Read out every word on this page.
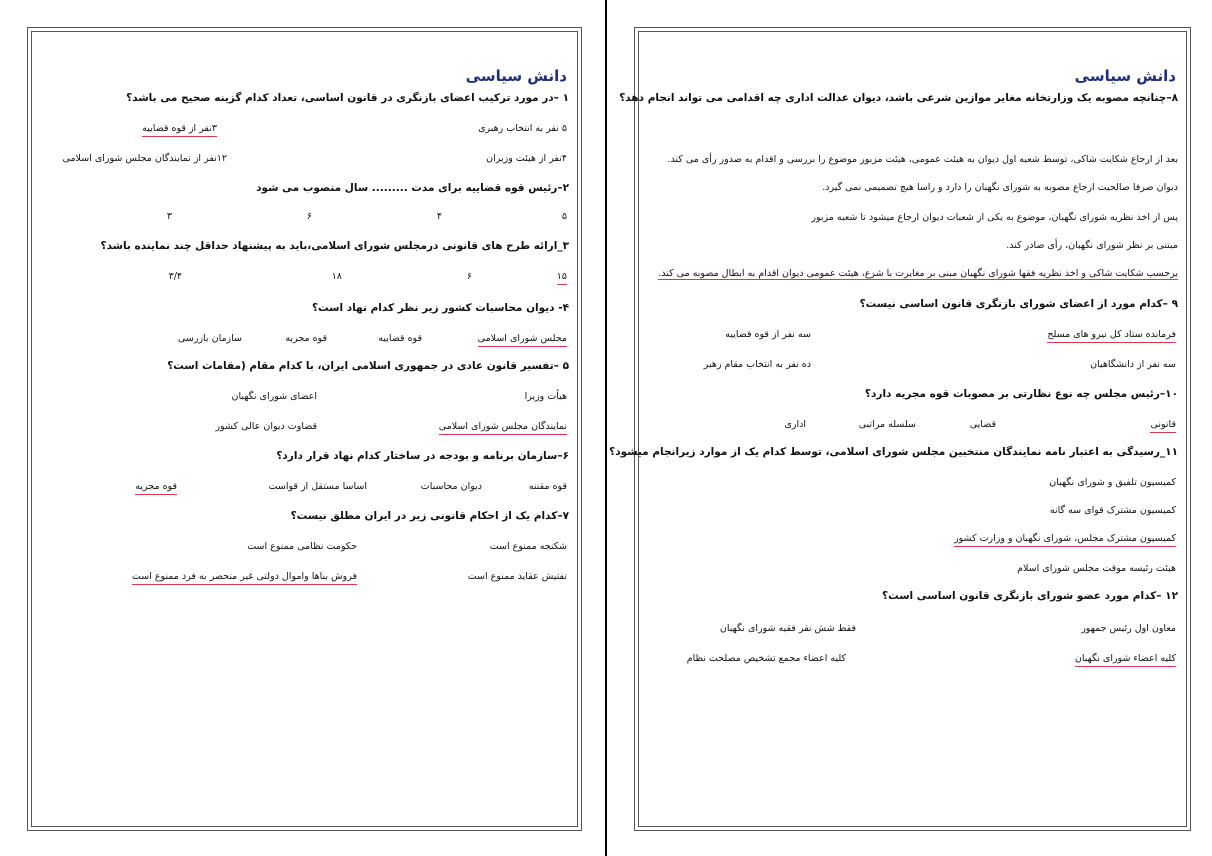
دانش سیاسی
۱ –در مورد ترکیب اعضای بازنگری در قانون اساسی، تعداد کدام گزینه صحیح می باشد؟
۵ نفر به انتخاب رهبری
۳نفر از قوه قضاییه
۴نفر از هیئت وزیران
۱۲نفر از نمایندگان مجلس شورای اسلامی
۲–رئیس قوه قضاییه برای مدت ......... سال منصوب می شود
۵
۴
۶
۳
۳_ارائه طرح های قانونی درمجلس شورای اسلامی،باید به پیشنهاد حداقل چند نماینده باشد؟
۱۵
۶
۱۸
۳/۴
۴- دیوان محاسبات کشور زیر نظر کدام نهاد است؟
مجلس شورای اسلامی
قوه قضاییه
قوه مجریه
سازمان بازرسی
۵ –تفسیر قانون عادی در جمهوری اسلامی ایران، با کدام مقام (مقامات است؟
هیأت وزیرا
اعضای شورای نگهبان
نمایندگان مجلس شورای اسلامی
قضاوت دیوان عالی کشور
۶–سازمان برنامه و بودجه در ساختار کدام نهاد قرار دارد؟
قوه مقننه
دیوان محاسبات
اساسا مستقل از قواست
قوه مجریه
۷–کدام یک از احکام قانونی زیر در ایران مطلق نیست؟
شکنجه ممنوع است
حکومت نظامی ممنوع است
تفتیش عقاید ممنوع است
فروش بناها واموال دولتی غیر منحصر به فرد ممنوع است
دانش سیاسی
۸–چنانچه مصوبه یک وزارتخانه مغایر موازین شرعی باشد، دیوان عدالت اداری چه اقدامی می تواند انجام دهد؟
بعد از ارجاع شکایت شاکی، توسط شعبه اول دیوان به هیئت عمومی، هیئت مزبور موضوع را بررسی و اقدام به صدور رأی می کند.
دیوان صرفا صالحیت ارجاع مصوبه به شورای نگهبان را دارد و راسا هیچ تصمیمی نمی گیرد.
پس از اخذ نظریه شورای نگهبان، موضوع به یکی از شعبات دیوان ارجاع میشود تا شعبه مزبور
مبتنی بر نظر شورای نگهبان، رأی صادر کند.
برحسب شکایت شاکی و اخذ نظریه فقها شورای نگهبان مبنی بر مغایرت با شرع، هیئت عمومی دیوان اقدام به ابطال مصوبه می کند.
۹ –کدام مورد از اعضای شورای بازنگری قانون اساسی نیست؟
فرمانده ستاد کل نیرو های مسلح
سه نفر از قوه قضاییه
سه نفر از دانشگاهیان
ده نفر به انتخاب مقام رهبر
۱۰–رئیس مجلس چه نوع نظارتی بر مصوبات قوه مجریه دارد؟
قانونی
قضایی
سلسله مراتبی
اداری
۱۱_رسیدگی به اعتبار نامه نمایندگان منتخبین مجلس شورای اسلامی، توسط کدام یک از موارد زیرانجام میشود؟
کمیسیون تلفیق و شورای نگهبان
کمیسیون مشترک قوای سه گانه
کمیسیون مشترک مجلس، شورای نگهبان و وزارت کشور
هیئت رئیسه موقت مجلس شورای اسلام
۱۲ –کدام مورد عضو شورای بازنگری قانون اساسی است؟
معاون اول رئیس جمهور
فقط شش نفر فقیه شورای نگهبان
کلیه اعضاء شورای نگهبان
کلیه اعضاء مجمع تشخیص مصلحت نظام
